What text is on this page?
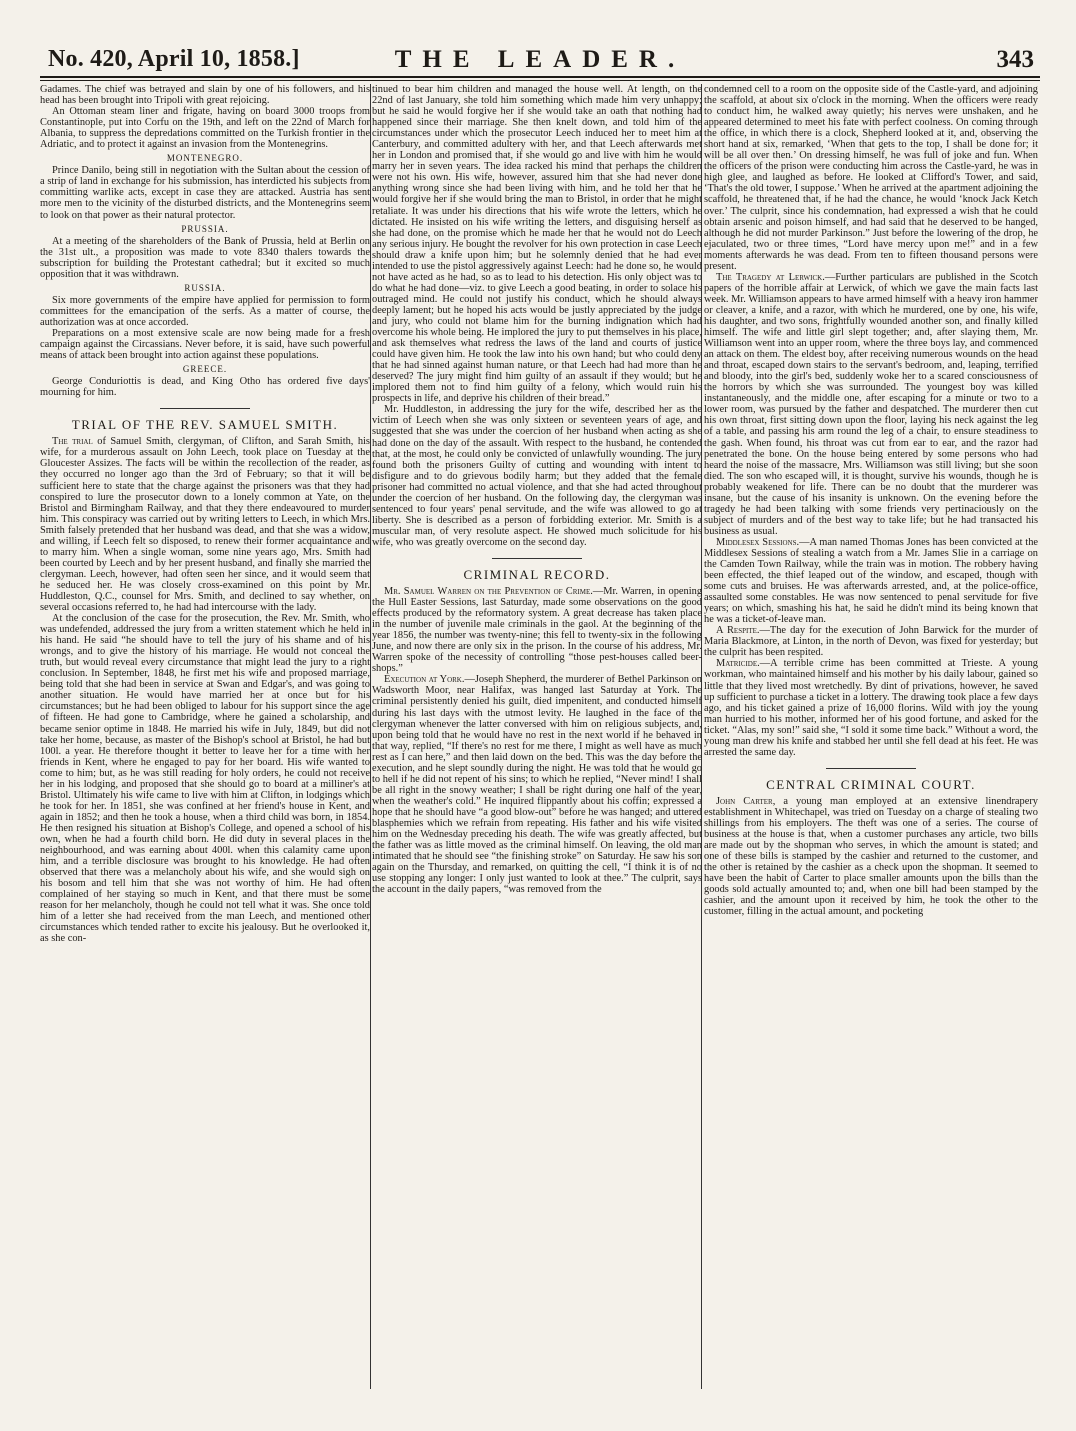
No. 420, April 10, 1858.]	THE LEADER.	343

Gadames. The chief was betrayed and slain by one of his followers, and his head has been brought into Tripoli with great rejoicing.

An Ottoman steam liner and frigate, having on board 3000 troops from Constantinople, put into Corfu on the 19th, and left on the 22nd of March for Albania, to suppress the depredations committed on the Turkish frontier in the Adriatic, and to protect it against an invasion from the Montenegrins.

MONTENEGRO.

Prince Danilo, being still in negotiation with the Sultan about the cession of a strip of land in exchange for his submission, has interdicted his subjects from committing warlike acts, except in case they are attacked. Austria has sent more men to the vicinity of the disturbed districts, and the Montenegrins seem to look on that power as their natural protector.

PRUSSIA.

At a meeting of the shareholders of the Bank of Prussia, held at Berlin on the 31st ult., a proposition was made to vote 8340 thalers towards the subscription for building the Protestant cathedral; but it excited so much opposition that it was withdrawn.

RUSSIA.

Six more governments of the empire have applied for permission to form committees for the emancipation of the serfs. As a matter of course, the authorization was at once accorded.

Preparations on a most extensive scale are now being made for a fresh campaign against the Circassians. Never before, it is said, have such powerful means of attack been brought into action against these populations.

GREECE.

George Conduriottis is dead, and King Otho has ordered five days' mourning for him.

TRIAL OF THE REV. SAMUEL SMITH.

The trial of Samuel Smith, clergyman, of Clifton, and Sarah Smith, his wife, for a murderous assault on John Leech, took place on Tuesday at the Gloucester Assizes. The facts will be within the recollection of the reader, as they occurred no longer ago than the 3rd of February; so that it will be sufficient here to state that the charge against the prisoners was that they had conspired to lure the prosecutor down to a lonely common at Yate, on the Bristol and Birmingham Railway, and that they there endeavoured to murder him. This conspiracy was carried out by writing letters to Leech, in which Mrs. Smith falsely pretended that her husband was dead, and that she was a widow, and willing, if Leech felt so disposed, to renew their former acquaintance and to marry him. When a single woman, some nine years ago, Mrs. Smith had been courted by Leech and by her present husband, and finally she married the clergyman. Leech, however, had often seen her since, and it would seem that he seduced her. He was closely cross-examined on this point by Mr. Huddleston, Q.C., counsel for Mrs. Smith, and declined to say whether, on several occasions referred to, he had had intercourse with the lady.

At the conclusion of the case for the prosecution, the Rev. Mr. Smith, who was undefended, addressed the jury from a written statement which he held in his hand. He said “he should have to tell the jury of his shame and of his wrongs, and to give the history of his marriage. He would not conceal the truth, but would reveal every circumstance that might lead the jury to a right conclusion. In September, 1848, he first met his wife and proposed marriage, being told that she had been in service at Swan and Edgar's, and was going to another situation. He would have married her at once but for his circumstances; but he had been obliged to labour for his support since the age of fifteen. He had gone to Cambridge, where he gained a scholarship, and became senior optime in 1848. He married his wife in July, 1849, but did not take her home, because, as master of the Bishop's school at Bristol, he had but 100l. a year. He therefore thought it better to leave her for a time with her friends in Kent, where he engaged to pay for her board. His wife wanted to come to him; but, as he was still reading for holy orders, he could not receive her in his lodging, and proposed that she should go to board at a milliner's at Bristol. Ultimately his wife came to live with him at Clifton, in lodgings which he took for her. In 1851, she was confined at her friend's house in Kent, and again in 1852; and then he took a house, when a third child was born, in 1854. He then resigned his situation at Bishop's College, and opened a school of his own, when he had a fourth child born. He did duty in several places in the neighbourhood, and was earning about 400l. when this calamity came upon him, and a terrible disclosure was brought to his knowledge. He had often observed that there was a melancholy about his wife, and she would sigh on his bosom and tell him that she was not worthy of him. He had often complained of her staying so much in Kent, and that there must be some reason for her melancholy, though he could not tell what it was. She once told him of a letter she had received from the man Leech, and mentioned other circumstances which tended rather to excite his jealousy. But he overlooked it, as she con-

tinued to bear him children and managed the house well. At length, on the 22nd of last January, she told him something which made him very unhappy; but he said he would forgive her if she would take an oath that nothing had happened since their marriage. She then knelt down, and told him of the circumstances under which the prosecutor Leech induced her to meet him at Canterbury, and committed adultery with her, and that Leech afterwards met her in London and promised that, if she would go and live with him he would marry her in seven years. The idea racked his mind that perhaps the children were not his own. His wife, however, assured him that she had never done anything wrong since she had been living with him, and he told her that he would forgive her if she would bring the man to Bristol, in order that he might retaliate. It was under his directions that his wife wrote the letters, which he dictated. He insisted on his wife writing the letters, and disguising herself as she had done, on the promise which he made her that he would not do Leech any serious injury. He bought the revolver for his own protection in case Leech should draw a knife upon him; but he solemnly denied that he had ever intended to use the pistol aggressively against Leech: had he done so, he would not have acted as he had, so as to lead to his detection. His only object was to do what he had done—viz. to give Leech a good beating, in order to solace his outraged mind. He could not justify his conduct, which he should always deeply lament; but he hoped his acts would be justly appreciated by the judge and jury, who could not blame him for the burning indignation which had overcome his whole being. He implored the jury to put themselves in his place, and ask themselves what redress the laws of the land and courts of justice could have given him. He took the law into his own hand; but who could deny that he had sinned against human nature, or that Leech had had more than he deserved? The jury might find him guilty of an assault if they would; but he implored them not to find him guilty of a felony, which would ruin his prospects in life, and deprive his children of their bread.”

Mr. Huddleston, in addressing the jury for the wife, described her as the victim of Leech when she was only sixteen or seventeen years of age, and suggested that she was under the coercion of her husband when acting as she had done on the day of the assault. With respect to the husband, he contended that, at the most, he could only be convicted of unlawfully wounding. The jury found both the prisoners Guilty of cutting and wounding with intent to disfigure and to do grievous bodily harm; but they added that the female prisoner had committed no actual violence, and that she had acted throughout under the coercion of her husband. On the following day, the clergyman was sentenced to four years' penal servitude, and the wife was allowed to go at liberty. She is described as a person of forbidding exterior. Mr. Smith is a muscular man, of very resolute aspect. He showed much solicitude for his wife, who was greatly overcome on the second day.

CRIMINAL RECORD.

Mr. Samuel Warren on the Prevention of Crime.—Mr. Warren, in opening the Hull Easter Sessions, last Saturday, made some observations on the good effects produced by the reformatory system. A great decrease has taken place in the number of juvenile male criminals in the gaol. At the beginning of the year 1856, the number was twenty-nine; this fell to twenty-six in the following June, and now there are only six in the prison. In the course of his address, Mr. Warren spoke of the necessity of controlling “those pest-houses called beer-shops.”

Execution at York.—Joseph Shepherd, the murderer of Bethel Parkinson on Wadsworth Moor, near Halifax, was hanged last Saturday at York. The criminal persistently denied his guilt, died impenitent, and conducted himself during his last days with the utmost levity. He laughed in the face of the clergyman whenever the latter conversed with him on religious subjects, and, upon being told that he would have no rest in the next world if he behaved in that way, replied, “If there's no rest for me there, I might as well have as much rest as I can here,” and then laid down on the bed. This was the day before the execution, and he slept soundly during the night. He was told that he would go to hell if he did not repent of his sins; to which he replied, “Never mind! I shall be all right in the snowy weather; I shall be right during one half of the year, when the weather's cold.” He inquired flippantly about his coffin; expressed a hope that he should have “a good blow-out” before he was hanged; and uttered blasphemies which we refrain from repeating. His father and his wife visited him on the Wednesday preceding his death. The wife was greatly affected, but the father was as little moved as the criminal himself. On leaving, the old man intimated that he should see “the finishing stroke” on Saturday. He saw his son again on the Thursday, and remarked, on quitting the cell, “I think it is of no use stopping any longer: I only just wanted to look at thee.” The culprit, says the account in the daily papers, “was removed from the

condemned cell to a room on the opposite side of the Castle-yard, and adjoining the scaffold, at about six o'clock in the morning. When the officers were ready to conduct him, he walked away quietly; his nerves were unshaken, and he appeared determined to meet his fate with perfect coolness. On coming through the office, in which there is a clock, Shepherd looked at it, and, observing the short hand at six, remarked, ‘When that gets to the top, I shall be done for; it will be all over then.’ On dressing himself, he was full of joke and fun. When the officers of the prison were conducting him across the Castle-yard, he was in high glee, and laughed as before. He looked at Clifford's Tower, and said, ‘That's the old tower, I suppose.’ When he arrived at the apartment adjoining the scaffold, he threatened that, if he had the chance, he would ‘knock Jack Ketch over.’ The culprit, since his condemnation, had expressed a wish that he could obtain arsenic and poison himself, and had said that he deserved to be hanged, although he did not murder Parkinson.” Just before the lowering of the drop, he ejaculated, two or three times, “Lord have mercy upon me!” and in a few moments afterwards he was dead. From ten to fifteen thousand persons were present.

The Tragedy at Lerwick.—Further particulars are published in the Scotch papers of the horrible affair at Lerwick, of which we gave the main facts last week. Mr. Williamson appears to have armed himself with a heavy iron hammer or cleaver, a knife, and a razor, with which he murdered, one by one, his wife, his daughter, and two sons, frightfully wounded another son, and finally killed himself. The wife and little girl slept together; and, after slaying them, Mr. Williamson went into an upper room, where the three boys lay, and commenced an attack on them. The eldest boy, after receiving numerous wounds on the head and throat, escaped down stairs to the servant's bedroom, and, leaping, terrified and bloody, into the girl's bed, suddenly woke her to a scared consciousness of the horrors by which she was surrounded. The youngest boy was killed instantaneously, and the middle one, after escaping for a minute or two to a lower room, was pursued by the father and despatched. The murderer then cut his own throat, first sitting down upon the floor, laying his neck against the leg of a table, and passing his arm round the leg of a chair, to ensure steadiness to the gash. When found, his throat was cut from ear to ear, and the razor had penetrated the bone. On the house being entered by some persons who had heard the noise of the massacre, Mrs. Williamson was still living; but she soon died. The son who escaped will, it is thought, survive his wounds, though he is probably weakened for life. There can be no doubt that the murderer was insane, but the cause of his insanity is unknown. On the evening before the tragedy he had been talking with some friends very pertinaciously on the subject of murders and of the best way to take life; but he had transacted his business as usual.

Middlesex Sessions.—A man named Thomas Jones has been convicted at the Middlesex Sessions of stealing a watch from a Mr. James Slie in a carriage on the Camden Town Railway, while the train was in motion. The robbery having been effected, the thief leaped out of the window, and escaped, though with some cuts and bruises. He was afterwards arrested, and, at the police-office, assaulted some constables. He was now sentenced to penal servitude for five years; on which, smashing his hat, he said he didn't mind its being known that he was a ticket-of-leave man.

A Respite.—The day for the execution of John Barwick for the murder of Maria Blackmore, at Linton, in the north of Devon, was fixed for yesterday; but the culprit has been respited.

Matricide.—A terrible crime has been committed at Trieste. A young workman, who maintained himself and his mother by his daily labour, gained so little that they lived most wretchedly. By dint of privations, however, he saved up sufficient to purchase a ticket in a lottery. The drawing took place a few days ago, and his ticket gained a prize of 16,000 florins. Wild with joy the young man hurried to his mother, informed her of his good fortune, and asked for the ticket. “Alas, my son!” said she, “I sold it some time back.” Without a word, the young man drew his knife and stabbed her until she fell dead at his feet. He was arrested the same day.

CENTRAL CRIMINAL COURT.

John Carter, a young man employed at an extensive linendrapery establishment in Whitechapel, was tried on Tuesday on a charge of stealing two shillings from his employers. The theft was one of a series. The course of business at the house is that, when a customer purchases any article, two bills are made out by the shopman who serves, in which the amount is stated; and one of these bills is stamped by the cashier and returned to the customer, and the other is retained by the cashier as a check upon the shopman. It seemed to have been the habit of Carter to place smaller amounts upon the bills than the goods sold actually amounted to; and, when one bill had been stamped by the cashier, and the amount upon it received by him, he took the other to the customer, filling in the actual amount, and pocketing
